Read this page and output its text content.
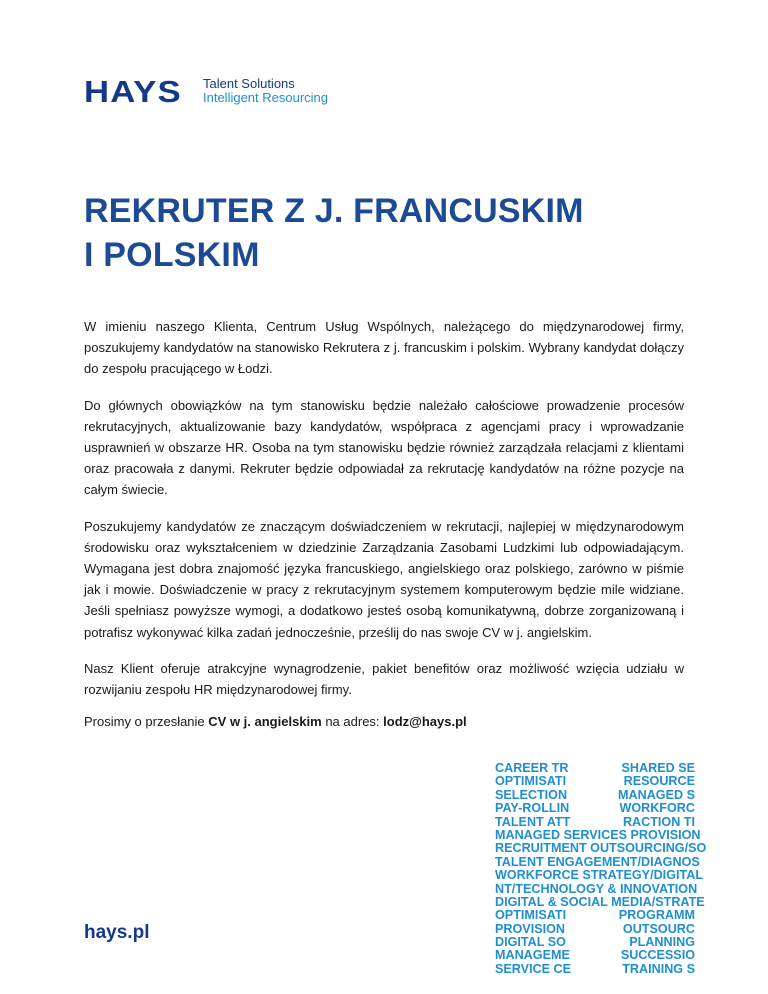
HAYS Talent Solutions
Intelligent Resourcing
REKRUTER Z J. FRANCUSKIM
I POLSKIM

W imieniu naszego Klienta, Centrum Usług Wspólnych, należącego do międzynarodowej firmy, poszukujemy kandydatów na stanowisko Rekrutera z j. francuskim i polskim. Wybrany kandydat dołączy do zespołu pracującego w Łodzi.

Do głównych obowiązków na tym stanowisku będzie należało całościowe prowadzenie procesów rekrutacyjnych, aktualizowanie bazy kandydatów, współpraca z agencjami pracy i wprowadzanie usprawnień w obszarze HR. Osoba na tym stanowisku będzie również zarządzała relacjami z klientami oraz pracowała z danymi. Rekruter będzie odpowiadał za rekrutację kandydatów na różne pozycje na całym świecie.

Poszukujemy kandydatów ze znaczącym doświadczeniem w rekrutacji, najlepiej w międzynarodowym środowisku oraz wykształceniem w dziedzinie Zarządzania Zasobami Ludzkimi lub odpowiadającym. Wymagana jest dobra znajomość języka francuskiego, angielskiego oraz polskiego, zarówno w piśmie jak i mowie. Doświadczenie w pracy z rekrutacyjnym systemem komputerowym będzie mile widziane. Jeśli spełniasz powyższe wymogi, a dodatkowo jesteś osobą komunikatywną, dobrze zorganizowaną i potrafisz wykonywać kilka zadań jednocześnie, prześlij do nas swoje CV w j. angielskim.

Nasz Klient oferuje atrakcyjne wynagrodzenie, pakiet benefitów oraz możliwość wzięcia udziału w rozwijaniu zespołu HR międzynarodowej firmy.

Prosimy o przesłanie CV w j. angielskim na adres: lodz@hays.pl

hays.pl
CAREER TR	SHARED SE
OPTIMISATI	RESOURCE
SELECTION	MANAGED S
PAY-ROLLIN	WORKFORC
TALENT ATT	RACTION TI
MANAGED SERVICES PROVISION
RECRUITMENT OUTSOURCING/SO
TALENT ENGAGEMENT/DIAGNOS
WORKFORCE STRATEGY/DIGITAL
NT/TECHNOLOGY & INNOVATION
DIGITAL & SOCIAL MEDIA/STRATE
OPTIMISATI	PROGRAMM
PROVISION	OUTSOURC
DIGITAL SO	PLANNING
MANAGEME	SUCCESSIO
SERVICE CE	TRAINING S
